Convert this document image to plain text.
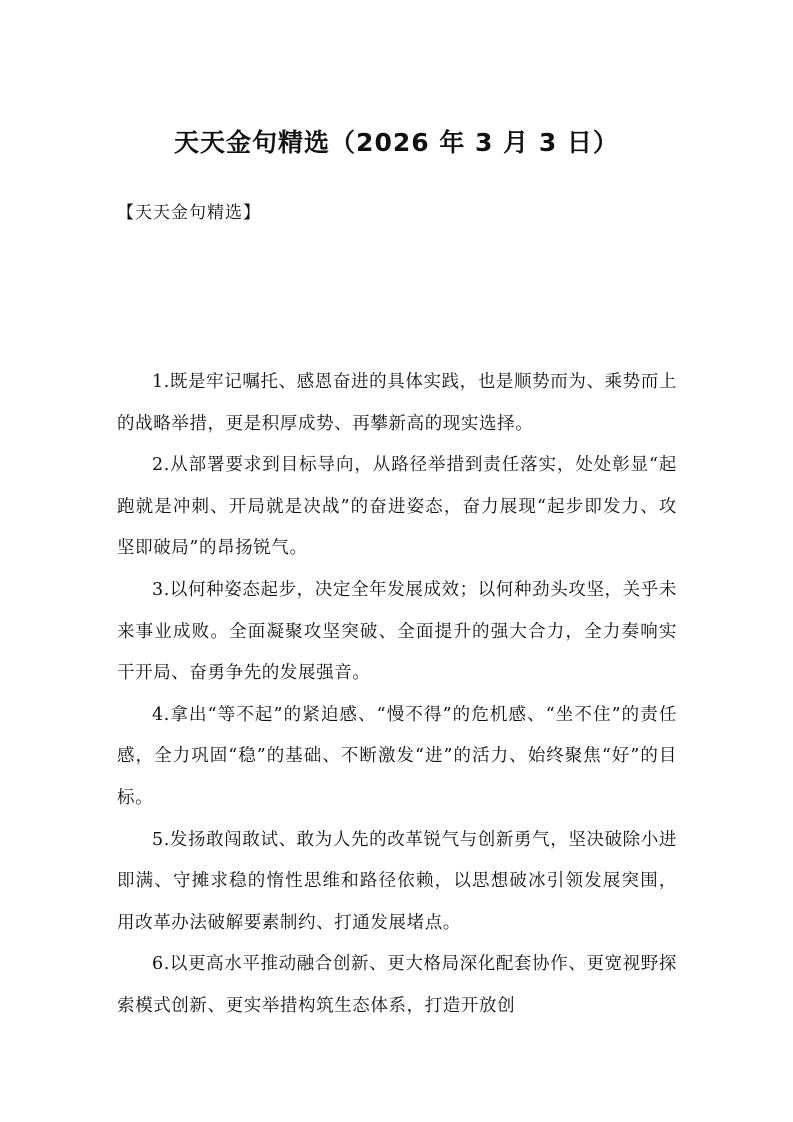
天天金句精选（2026 年 3 月 3 日）
【天天金句精选】

1.既是牢记嘱托、感恩奋进的具体实践，也是顺势而为、乘势而上的战略举措，更是积厚成势、再攀新高的现实选择。

2.从部署要求到目标导向，从路径举措到责任落实，处处彰显“起跑就是冲刺、开局就是决战”的奋进姿态，奋力展现“起步即发力、攻坚即破局”的昂扬锐气。

3.以何种姿态起步，决定全年发展成效；以何种劲头攻坚，关乎未来事业成败。全面凝聚攻坚突破、全面提升的强大合力，全力奏响实干开局、奋勇争先的发展强音。

4.拿出“等不起”的紧迫感、“慢不得”的危机感、“坐不住”的责任感，全力巩固“稳”的基础、不断激发“进”的活力、始终聚焦“好”的目标。

5.发扬敢闯敢试、敢为人先的改革锐气与创新勇气，坚决破除小进即满、守摊求稳的惰性思维和路径依赖，以思想破冰引领发展突围，用改革办法破解要素制约、打通发展堵点。

6.以更高水平推动融合创新、更大格局深化配套协作、更宽视野探索模式创新、更实举措构筑生态体系，打造开放创
